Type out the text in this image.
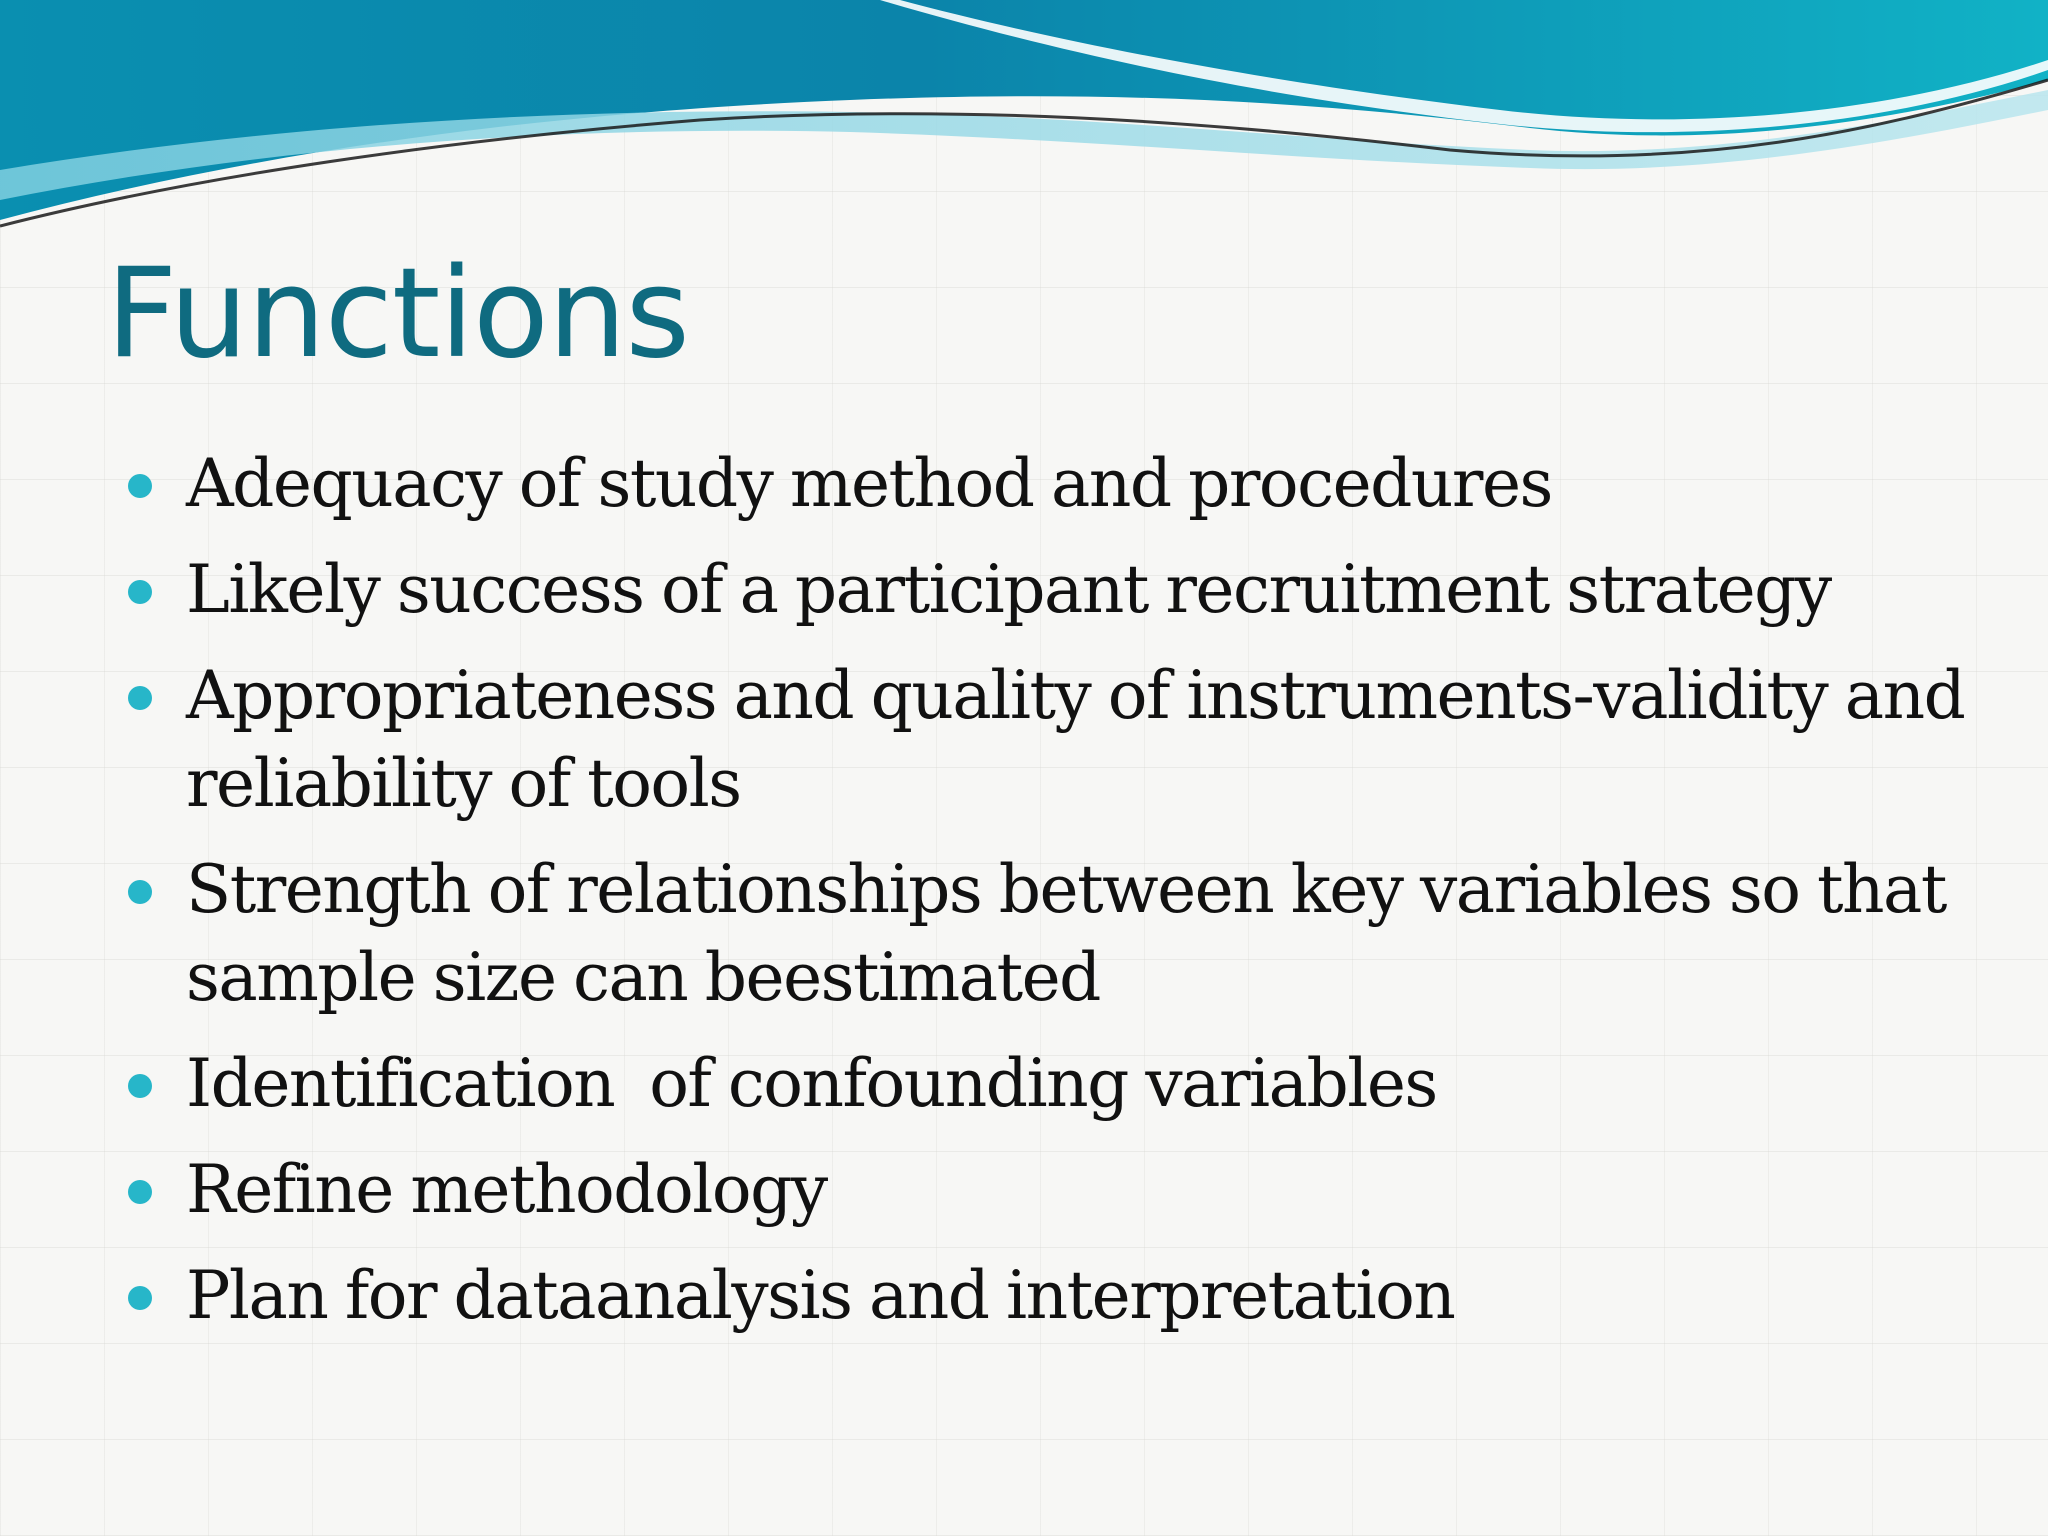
Functions
Adequacy of study method and procedures
Likely success of a participant recruitment strategy
Appropriateness and quality of instruments-validity and reliability of tools
Strength of relationships between key variables so that sample size can beestimated
Identification  of confounding variables
Refine methodology
Plan for dataanalysis and interpretation
